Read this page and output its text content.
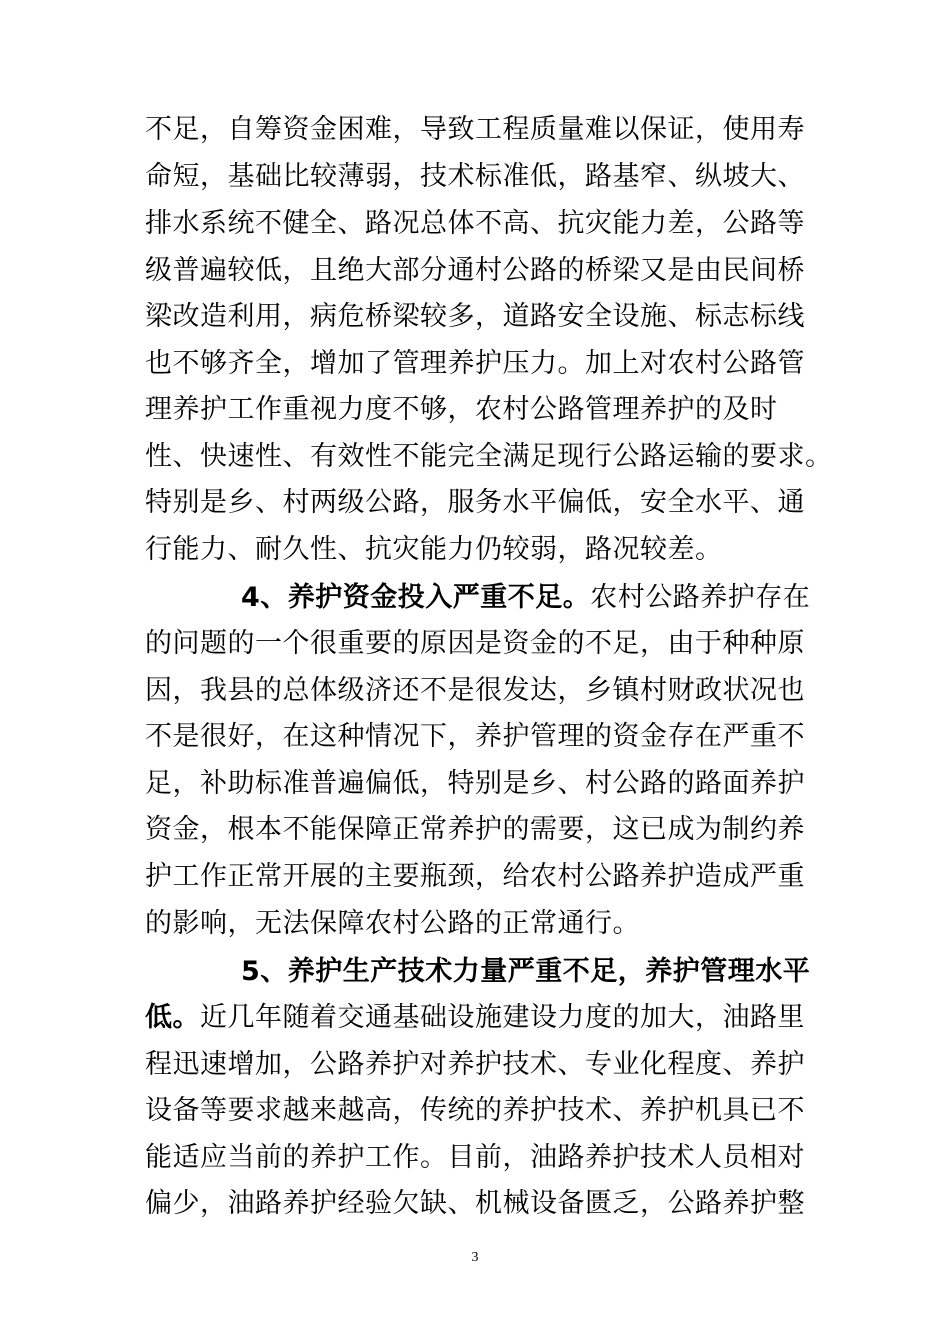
不足，自筹资金困难，导致工程质量难以保证，使用寿
命短，基础比较薄弱，技术标准低，路基窄、纵坡大、
排水系统不健全、路况总体不高、抗灾能力差，公路等
级普遍较低，且绝大部分通村公路的桥梁又是由民间桥
梁改造利用，病危桥梁较多，道路安全设施、标志标线
也不够齐全，增加了管理养护压力。加上对农村公路管
理养护工作重视力度不够，农村公路管理养护的及时
性、快速性、有效性不能完全满足现行公路运输的要求。
特别是乡、村两级公路，服务水平偏低，安全水平、通
行能力、耐久性、抗灾能力仍较弱，路况较差。
4、养护资金投入严重不足。农村公路养护存在
的问题的一个很重要的原因是资金的不足，由于种种原
因，我县的总体级济还不是很发达，乡镇村财政状况也
不是很好，在这种情况下，养护管理的资金存在严重不
足，补助标准普遍偏低，特别是乡、村公路的路面养护
资金，根本不能保障正常养护的需要，这已成为制约养
护工作正常开展的主要瓶颈，给农村公路养护造成严重
的影响，无法保障农村公路的正常通行。
5、养护生产技术力量严重不足，养护管理水平
低。近几年随着交通基础设施建设力度的加大，油路里
程迅速增加，公路养护对养护技术、专业化程度、养护
设备等要求越来越高，传统的养护技术、养护机具已不
能适应当前的养护工作。目前，油路养护技术人员相对
偏少，油路养护经验欠缺、机械设备匮乏，公路养护整
3
